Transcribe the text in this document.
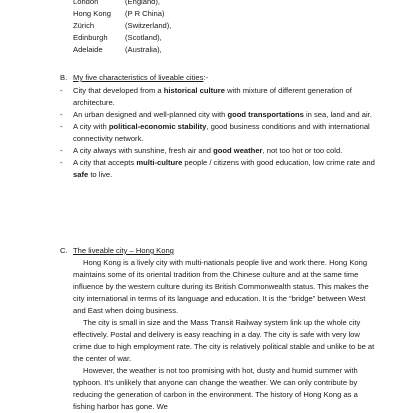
London	(England),
Hong Kong	(P R China)
Zürich	(Switzerland),
Edinburgh	(Scotland),
Adelaide	(Australia),
B. My five characteristics of liveable cities:-
-	City that developed from a historical culture with mixture of different generation of architecture.
-	An urban designed and well-planned city with good transportations in sea, land and air.
-	A city with political-economic stability, good business conditions and with international connectivity network.
-	A city always with sunshine, fresh air and good weather, not too hot or too cold.
-	A city that accepts multi-culture people / citizens with good education, low crime rate and safe to live.
C. The liveable city – Hong Kong
Hong Kong is a lively city with multi-nationals people live and work there. Hong Kong maintains some of its oriental tradition from the Chinese culture and at the same time influence by the western culture during its British Commonwealth status. This makes the city international in terms of its language and education. It is the “bridge” between West and East when doing business.
The city is small in size and the Mass Transit Railway system link up the whole city effectively. Postal and delivery is easy reaching in a day. The city is safe with very low crime due to high employment rate. The city is relatively political stable and unlike to be at the center of war.
However, the weather is not too promising with hot, dusty and humid summer with typhoon. It’s unlikely that anyone can change the weather. We can only contribute by reducing the generation of carbon in the environment. The history of Hong Kong as a fishing harbor has gone. We
